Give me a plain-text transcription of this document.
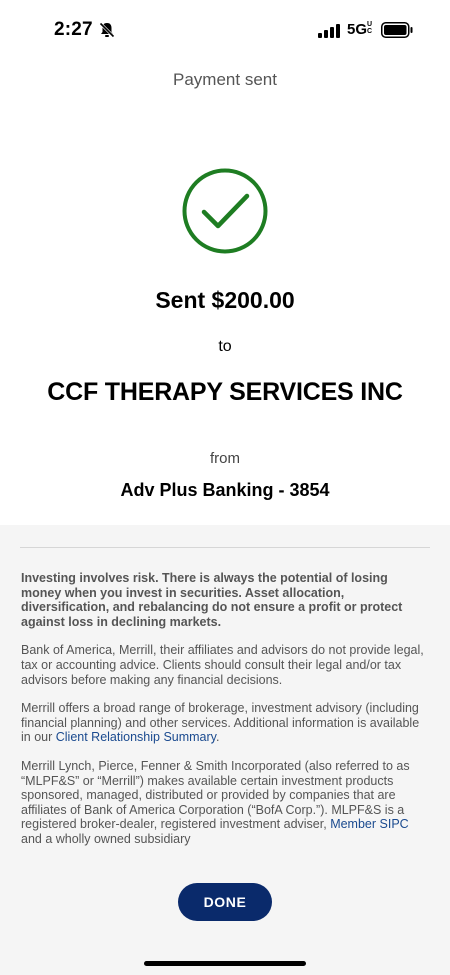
2:27	5GUC
Payment sent
Sent $200.00
to
CCF THERAPY SERVICES INC
from
Adv Plus Banking - 3854

Investing involves risk. There is always the potential of losing money when you invest in securities. Asset allocation, diversification, and rebalancing do not ensure a profit or protect against loss in declining markets.

Bank of America, Merrill, their affiliates and advisors do not provide legal, tax or accounting advice. Clients should consult their legal and/or tax advisors before making any financial decisions.

Merrill offers a broad range of brokerage, investment advisory (including financial planning) and other services. Additional information is available in our Client Relationship Summary.

Merrill Lynch, Pierce, Fenner & Smith Incorporated (also referred to as “MLPF&S” or “Merrill”) makes available certain investment products sponsored, managed, distributed or provided by companies that are affiliates of Bank of America Corporation (“BofA Corp.”). MLPF&S is a registered broker-dealer, registered investment adviser, Member SIPC and a wholly owned subsidiary

DONE
